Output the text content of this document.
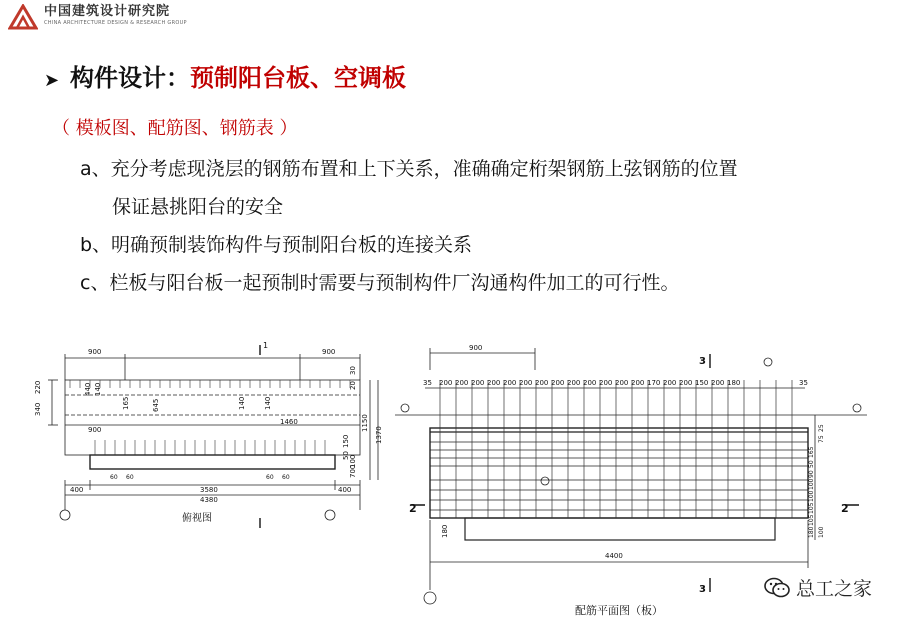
中国建筑设计研究院
CHINA ARCHITECTURE DESIGN & RESEARCH GROUP
➤ 构件设计：预制阳台板、空调板
（ 模板图、配筋图、钢筋表 ）
a、充分考虑现浇层的钢筋布置和上下关系，准确确定桁架钢筋上弦钢筋的位置
保证悬挑阳台的安全
b、明确预制装饰构件与预制阳台板的连接关系
c、栏板与阳台板一起预制时需要与预制构件厂沟通构件加工的可行性。
900	900
1
340
220
30
20
1150
1370
700
50
150
100
900
1460
645
440 140
165	140	140
60 60	60 60
400	3580	400
4380
俯视图
900
3
3
35 200 200 200 200 200 200 200 200 200 200 200 200 200 170 200 200 150 200 180	35
2	2
4400
180
25
75
165
50
90
100
100
105
105
180 100
配筋平面图（板）
总工之家
